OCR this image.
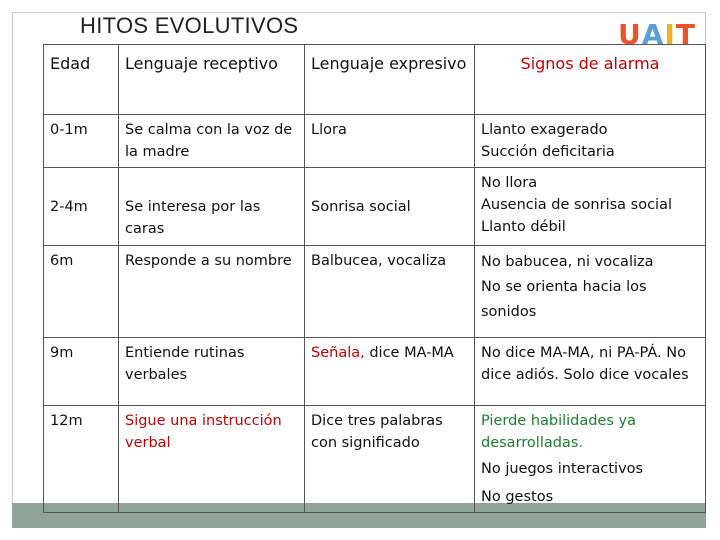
HITOS EVOLUTIVOS	UAIT
Edad	Lenguaje receptivo	Lenguaje expresivo	Signos de alarma
0-1m	Se calma con la voz de la madre	Llora	Llanto exagerado
Succión deficitaria

2-4m	Se interesa por las caras	Sonrisa social	No llora
Ausencia de sonrisa social
Llanto débil

6m	Responde a su nombre	Balbucea, vocaliza	No babucea, ni vocaliza
No se orienta hacia los sonidos

9m	Entiende rutinas verbales	Señala, dice MA-MA	No dice MA-MA, ni PA-PÁ. No dice adiós. Solo dice vocales

12m	Sigue una instrucción verbal	Dice tres palabras con significado	Pierde habilidades ya desarrolladas.
No juegos interactivos
No gestos
